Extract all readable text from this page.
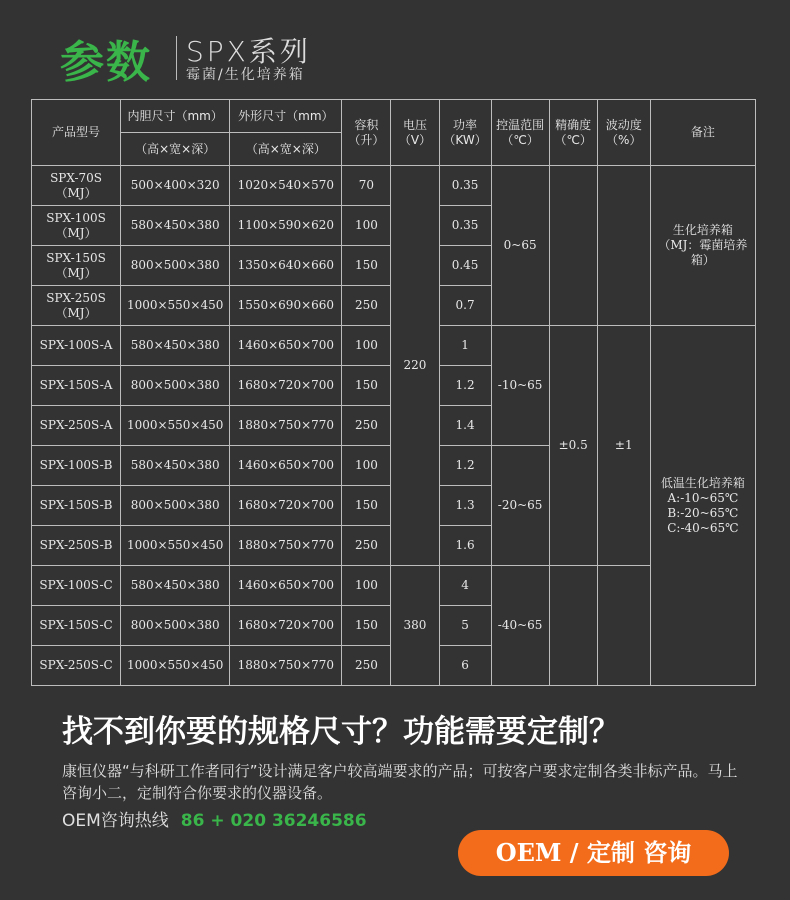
参数 SPX系列
霉菌/生化培养箱
产品型号	内胆尺寸（mm）	外形尺寸（mm）	容积（升）	电压（V）	功率（KW）	控温范围（℃）	精确度（℃）	波动度（%）	备注
	（高×宽×深）	（高×宽×深）							
SPX-70S（MJ）	500×400×320	1020×540×570	70	220	0.35	0~65			生化培养箱（MJ：霉菌培养箱）
SPX-100S（MJ）	580×450×380	1100×590×620	100		0.35				
SPX-150S（MJ）	800×500×380	1350×640×660	150		0.45				
SPX-250S（MJ）	1000×550×450	1550×690×660	250		0.7				
SPX-100S-A	580×450×380	1460×650×700	100		1	-10~65	±0.5	±1	低温生化培养箱 A:-10~65℃ B:-20~65℃ C:-40~65℃
SPX-150S-A	800×500×380	1680×720×700	150		1.2				
SPX-250S-A	1000×550×450	1880×750×770	250		1.4				
SPX-100S-B	580×450×380	1460×650×700	100		1.2	-20~65			
SPX-150S-B	800×500×380	1680×720×700	150		1.3				
SPX-250S-B	1000×550×450	1880×750×770	250		1.6				
SPX-100S-C	580×450×380	1460×650×700	100	380	4	-40~65			
SPX-150S-C	800×500×380	1680×720×700	150		5				
SPX-250S-C	1000×550×450	1880×750×770	250		6				
找不到你要的规格尺寸？功能需要定制？
康恒仪器“与科研工作者同行”设计满足客户较高端要求的产品；可按客户要求定制各类非标产品。马上咨询小二，定制符合你要求的仪器设备。
OEM咨询热线 86 + 020 36246586
OEM / 定制 咨询
